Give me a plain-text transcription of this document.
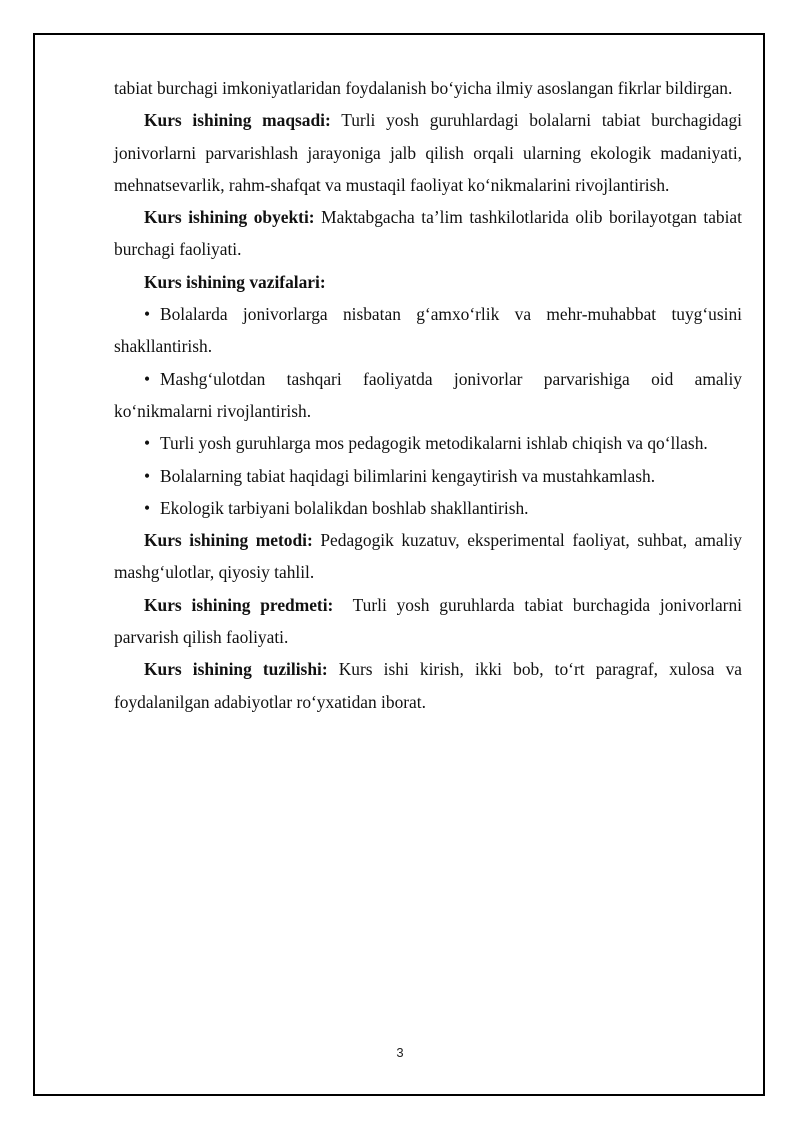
tabiat burchagi imkoniyatlaridan foydalanish bo‘yicha ilmiy asoslangan fikrlar bildirgan.

Kurs ishining maqsadi: Turli yosh guruhlardagi bolalarni tabiat burchagidagi jonivorlarni parvarishlash jarayoniga jalb qilish orqali ularning ekologik madaniyati, mehnatsevarlik, rahm-shafqat va mustaqil faoliyat ko‘nikmalarini rivojlantirish.

Kurs ishining obyekti: Maktabgacha ta’lim tashkilotlarida olib borilayotgan tabiat burchagi faoliyati.

Kurs ishining vazifalari:

• Bolalarda jonivorlarga nisbatan g‘amxo‘rlik va mehr-muhabbat tuyg‘usini shakllantirish.

• Mashg‘ulotdan tashqari faoliyatda jonivorlar parvarishiga oid amaliy ko‘nikmalarni rivojlantirish.

• Turli yosh guruhlarga mos pedagogik metodikalarni ishlab chiqish va qo‘llash.

• Bolalarning tabiat haqidagi bilimlarini kengaytirish va mustahkamlash.

• Ekologik tarbiyani bolalikdan boshlab shakllantirish.

Kurs ishining metodi: Pedagogik kuzatuv, eksperimental faoliyat, suhbat, amaliy mashg‘ulotlar, qiyosiy tahlil.

Kurs ishining predmeti:  Turli yosh guruhlarda tabiat burchagida jonivorlarni parvarish qilish faoliyati.

Kurs ishining tuzilishi: Kurs ishi kirish, ikki bob, to‘rt paragraf, xulosa va foydalanilgan adabiyotlar ro‘yxatidan iborat.

3
